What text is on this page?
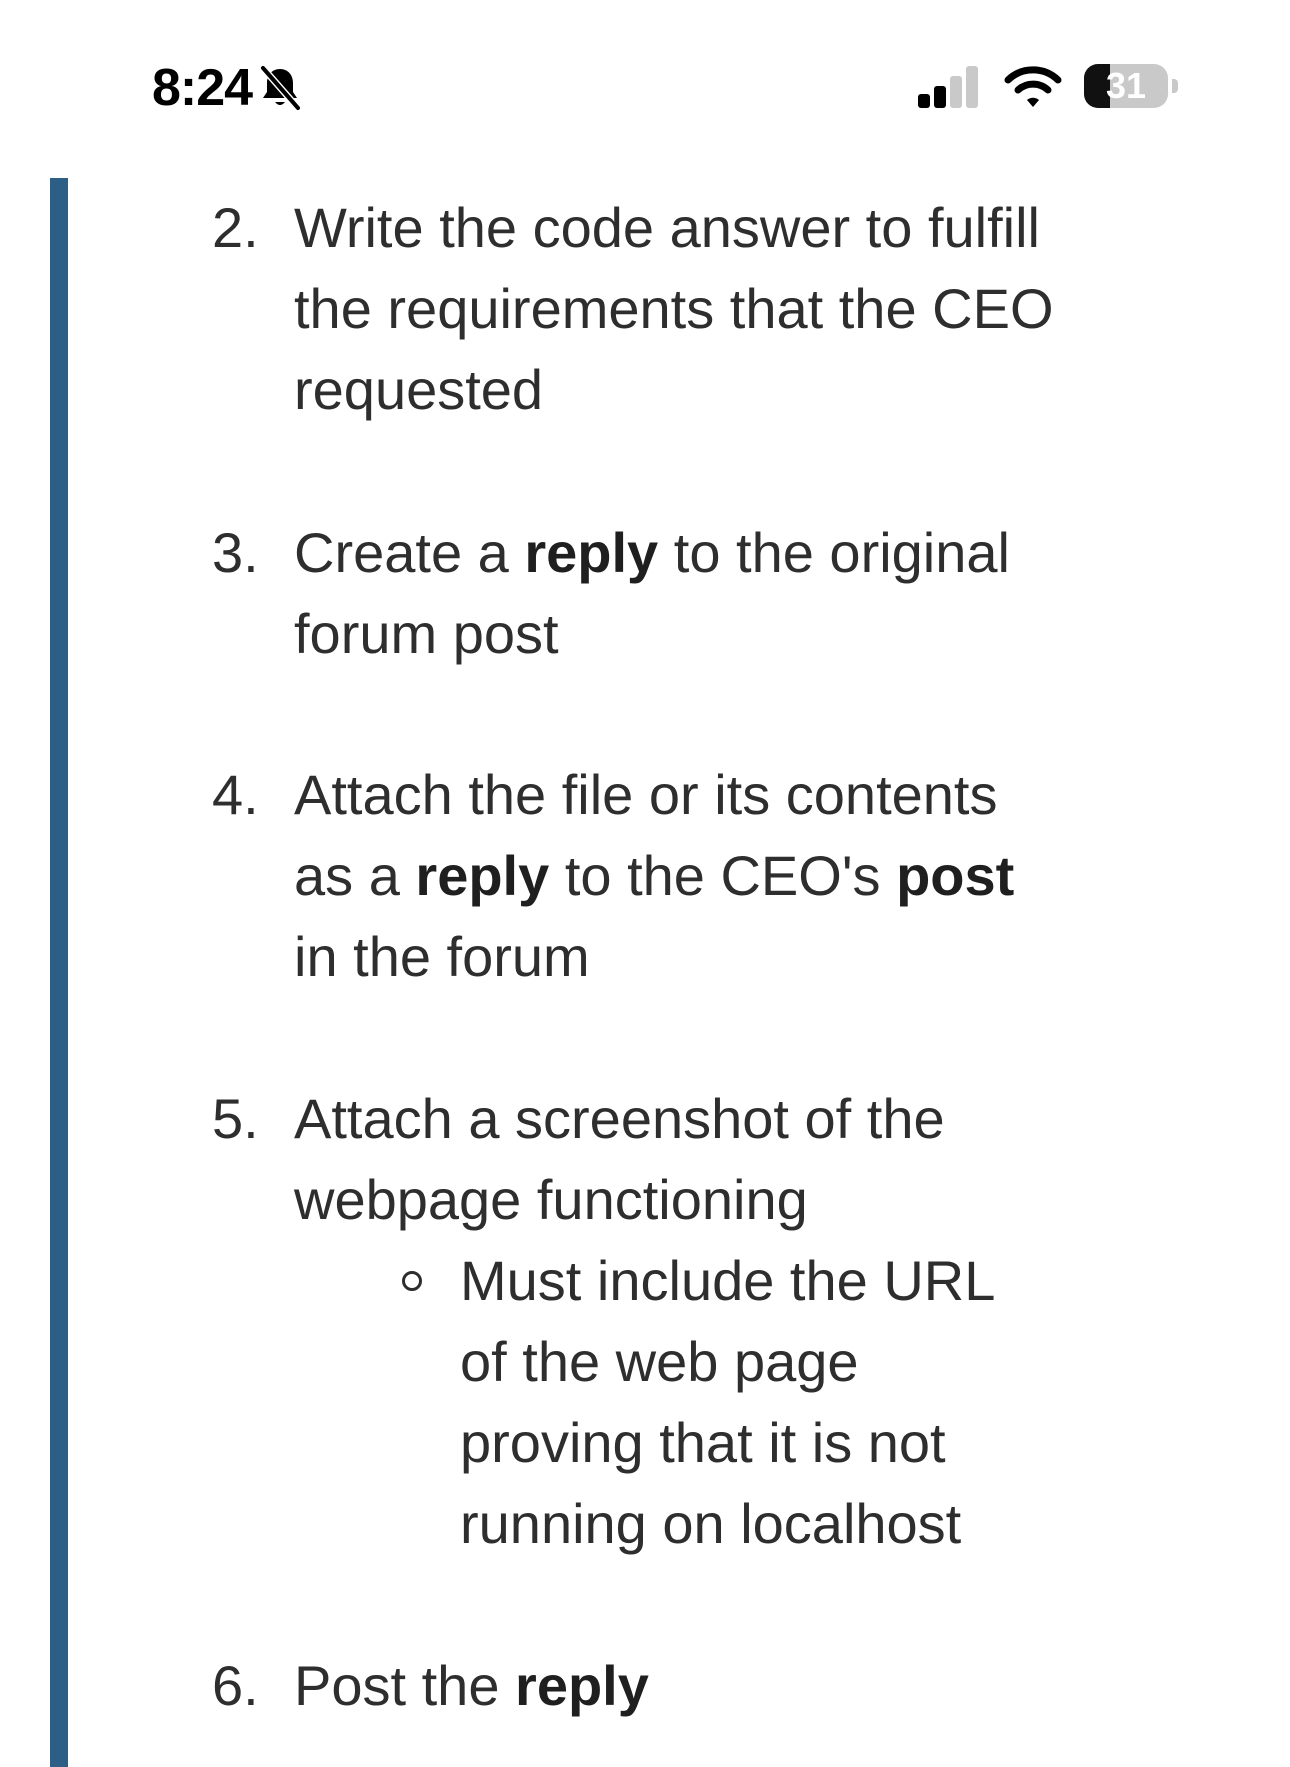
8:24	31
2. Write the code answer to fulfill the requirements that the CEO requested
3. Create a reply to the original forum post
4. Attach the file or its contents as a reply to the CEO's post in the forum
5. Attach a screenshot of the webpage functioning
Must include the URL of the web page proving that it is not running on localhost
6. Post the reply
